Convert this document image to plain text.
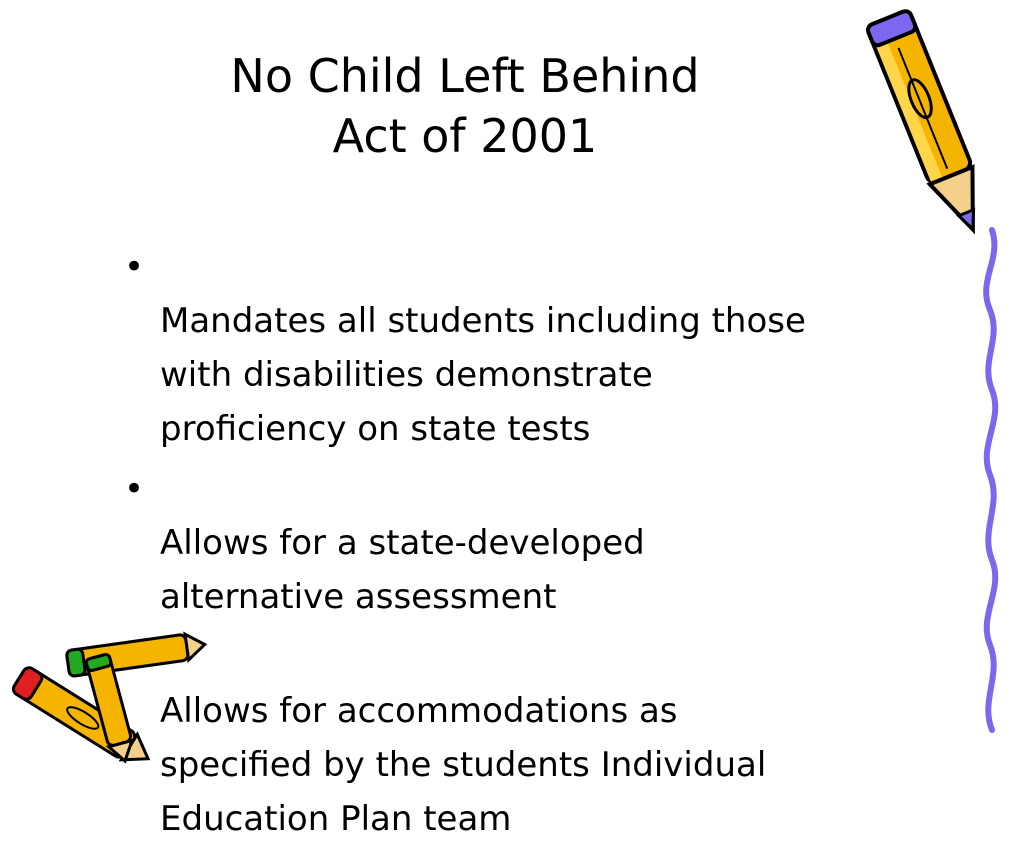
No Child Left Behind
Act of 2001

•
Mandates all students including those
with disabilities demonstrate
proficiency on state tests

•
Allows for a state-developed
alternative assessment

Allows for accommodations as
specified by the students Individual
Education Plan team
